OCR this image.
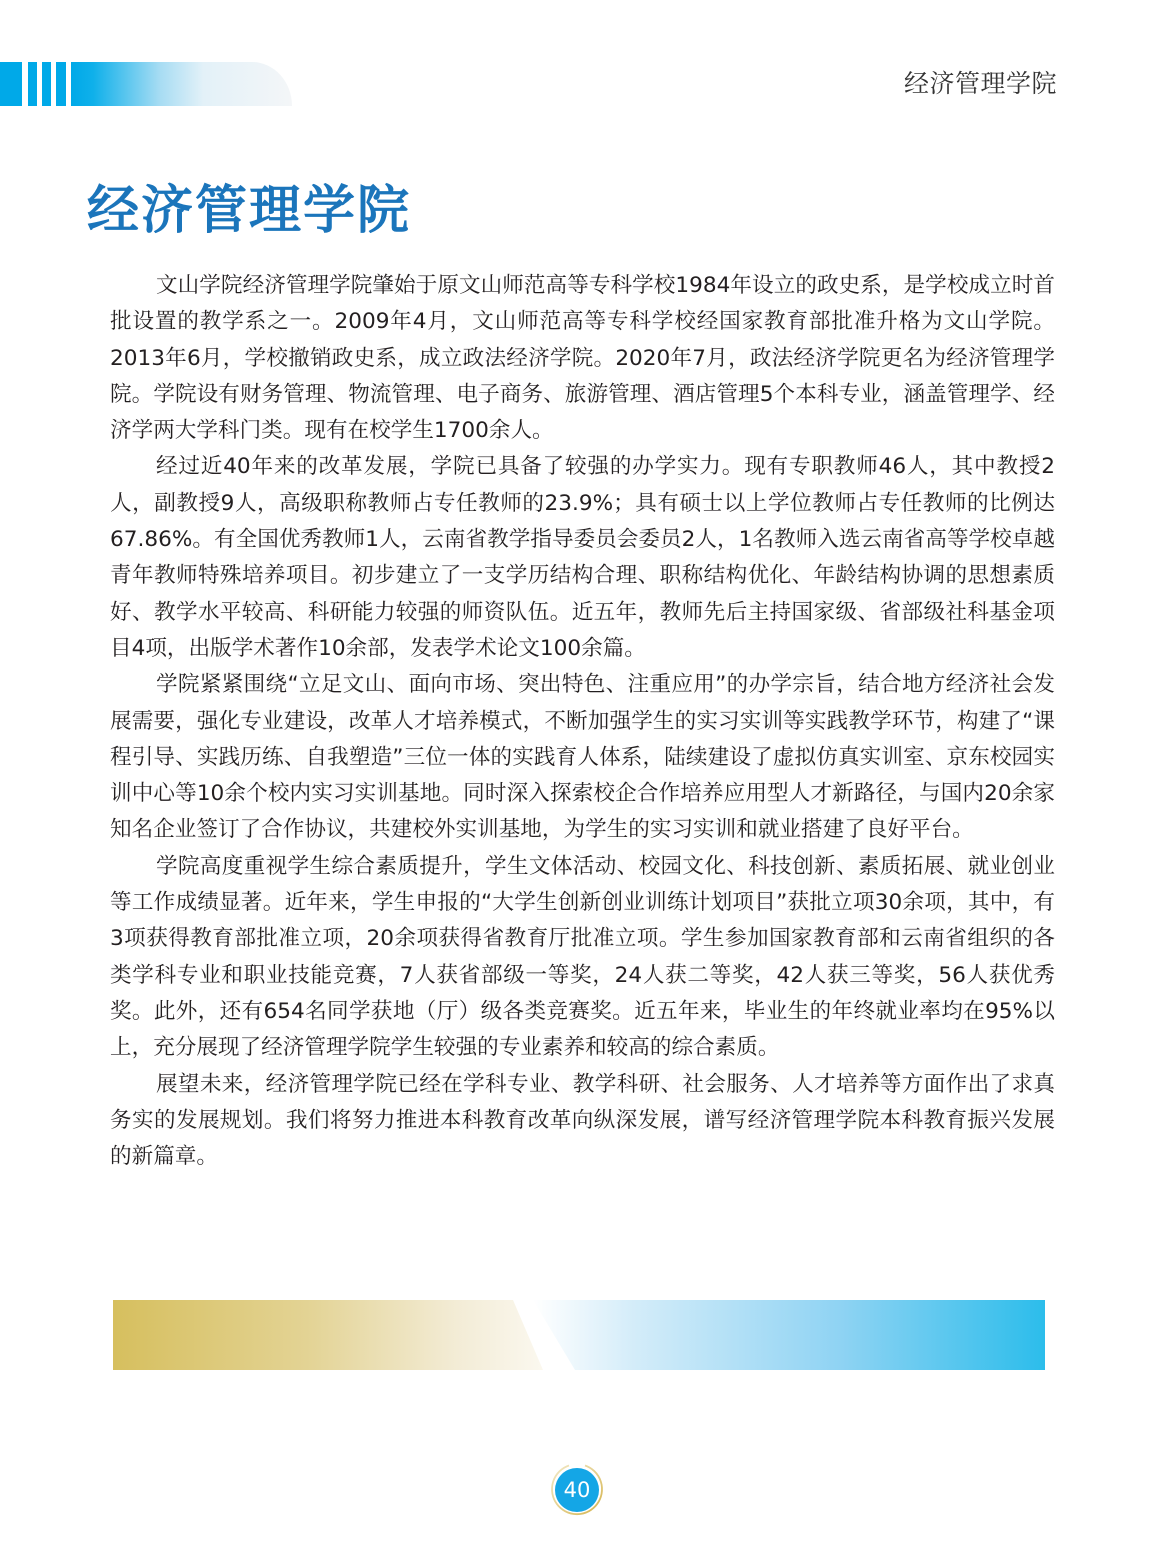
经济管理学院
经济管理学院

文山学院经济管理学院肇始于原文山师范高等专科学校1984年设立的政史系，是学校成立时首批设置的教学系之一。2009年4月，文山师范高等专科学校经国家教育部批准升格为文山学院。2013年6月，学校撤销政史系，成立政法经济学院。2020年7月，政法经济学院更名为经济管理学院。学院设有财务管理、物流管理、电子商务、旅游管理、酒店管理5个本科专业，涵盖管理学、经济学两大学科门类。现有在校学生1700余人。

经过近40年来的改革发展，学院已具备了较强的办学实力。现有专职教师46人，其中教授2人，副教授9人，高级职称教师占专任教师的23.9%；具有硕士以上学位教师占专任教师的比例达67.86%。有全国优秀教师1人，云南省教学指导委员会委员2人，1名教师入选云南省高等学校卓越青年教师特殊培养项目。初步建立了一支学历结构合理、职称结构优化、年龄结构协调的思想素质好、教学水平较高、科研能力较强的师资队伍。近五年，教师先后主持国家级、省部级社科基金项目4项，出版学术著作10余部，发表学术论文100余篇。

学院紧紧围绕“立足文山、面向市场、突出特色、注重应用”的办学宗旨，结合地方经济社会发展需要，强化专业建设，改革人才培养模式，不断加强学生的实习实训等实践教学环节，构建了“课程引导、实践历练、自我塑造”三位一体的实践育人体系，陆续建设了虚拟仿真实训室、京东校园实训中心等10余个校内实习实训基地。同时深入探索校企合作培养应用型人才新路径，与国内20余家知名企业签订了合作协议，共建校外实训基地，为学生的实习实训和就业搭建了良好平台。

学院高度重视学生综合素质提升，学生文体活动、校园文化、科技创新、素质拓展、就业创业等工作成绩显著。近年来，学生申报的“大学生创新创业训练计划项目”获批立项30余项，其中，有3项获得教育部批准立项，20余项获得省教育厅批准立项。学生参加国家教育部和云南省组织的各类学科专业和职业技能竞赛，7人获省部级一等奖，24人获二等奖，42人获三等奖，56人获优秀奖。此外，还有654名同学获地（厅）级各类竞赛奖。近五年来，毕业生的年终就业率均在95%以上，充分展现了经济管理学院学生较强的专业素养和较高的综合素质。

展望未来，经济管理学院已经在学科专业、教学科研、社会服务、人才培养等方面作出了求真务实的发展规划。我们将努力推进本科教育改革向纵深发展，谱写经济管理学院本科教育振兴发展的新篇章。

40
